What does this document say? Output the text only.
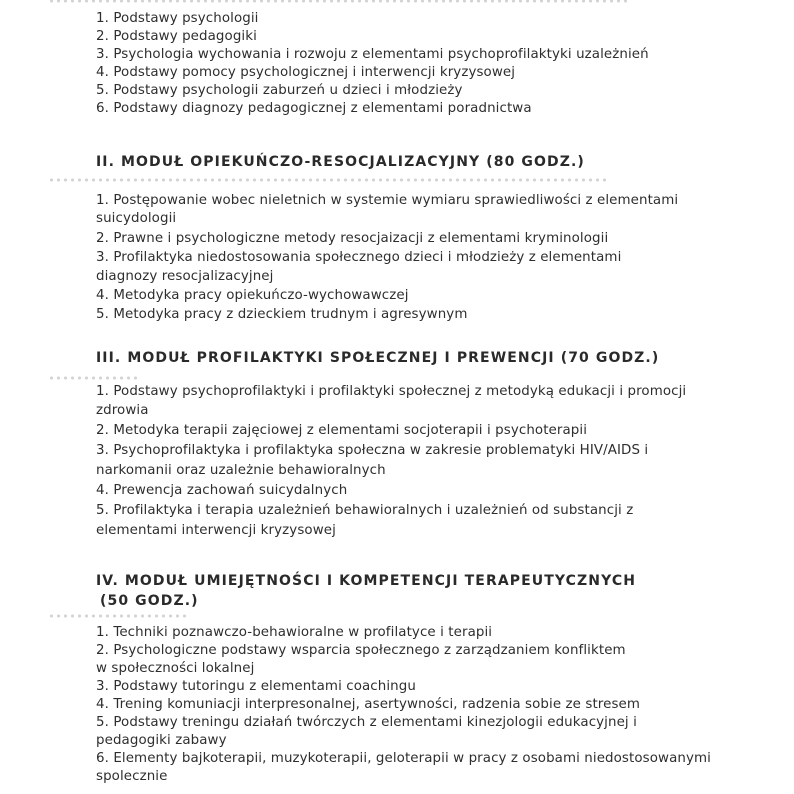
1. Podstawy psychologii
2. Podstawy pedagogiki
3. Psychologia wychowania i rozwoju z elementami psychoprofilaktyki uzależnień
4. Podstawy pomocy psychologicznej i interwencji kryzysowej
5. Podstawy psychologii zaburzeń u dzieci i młodzieży
6. Podstawy diagnozy pedagogicznej z elementami poradnictwa
II. MODUŁ OPIEKUŃCZO-RESOCJALIZACYJNY (80 GODZ.)
1. Postępowanie wobec nieletnich w systemie wymiaru sprawiedliwości z elementami
suicydologii
2. Prawne i psychologiczne metody resocjaizacji z elementami kryminologii
3. Profilaktyka niedostosowania społecznego dzieci i młodzieży z elementami
diagnozy resocjalizacyjnej
4. Metodyka pracy opiekuńczo-wychowawczej
5. Metodyka pracy z dzieckiem trudnym i agresywnym
III. MODUŁ PROFILAKTYKI SPOŁECZNEJ I PREWENCJI (70 GODZ.)
1. Podstawy psychoprofilaktyki i profilaktyki społecznej z metodyką edukacji i promocji
zdrowia
2. Metodyka terapii zajęciowej z elementami socjoterapii i psychoterapii
3. Psychoprofilaktyka i profilaktyka społeczna w zakresie problematyki HIV/AIDS i
narkomanii oraz uzależnie behawioralnych
4. Prewencja zachowań suicydalnych
5. Profilaktyka i terapia uzależnień behawioralnych i uzależnień od substancji z
elementami interwencji kryzysowej
IV. MODUŁ UMIEJĘTNOŚCI I KOMPETENCJI TERAPEUTYCZNYCH
(50 GODZ.)
1. Techniki poznawczo-behawioralne w profilatyce i terapii
2. Psychologiczne podstawy wsparcia społecznego z zarządzaniem konfliktem
w społeczności lokalnej
3. Podstawy tutoringu z elementami coachingu
4. Trening komuniacji interpresonalnej, asertywności, radzenia sobie ze stresem
5. Podstawy treningu działań twórczych z elementami kinezjologii edukacyjnej i
pedagogiki zabawy
6. Elementy bajkoterapii, muzykoterapii, geloterapii w pracy z osobami niedostosowanymi
spolecznie
